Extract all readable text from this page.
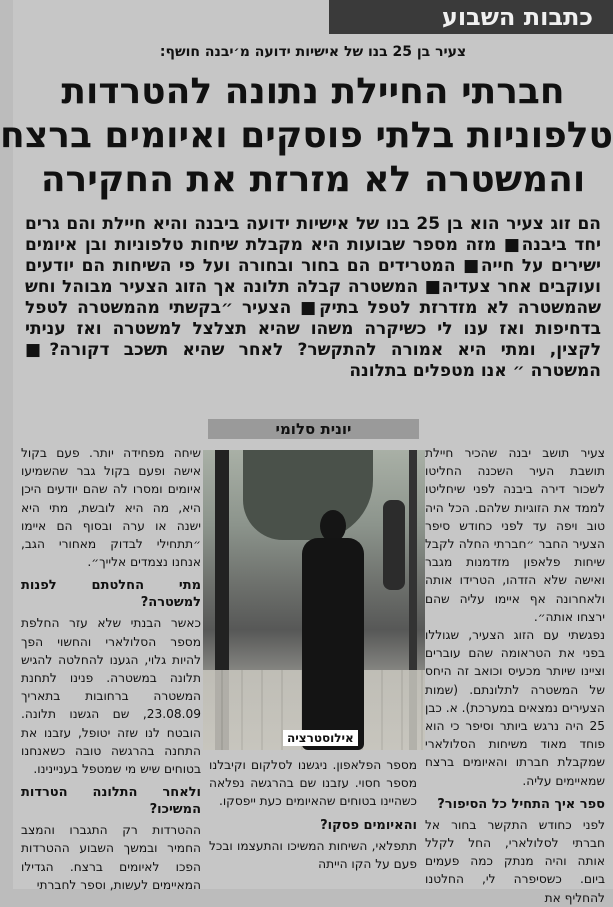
כתבות השבוע
צעיר בן 25 בנו של אישיות ידועה מ׳יבנה חושף:
חברתי החיילת נתונה להטרדות
טלפוניות בלתי פוסקים ואיומים ברצח
והמשטרה לא מזרזת את החקירה
הם זוג צעיר הוא בן 25 בנו של אישיות ידועה ביבנה והיא חיילת והם גרים יחד ביבנה■ מזה מספר שבועות היא מקבלת שיחות טלפוניות ובן איומים ישירים על חייה■ המטרידים הם בחור ובחורה ועל פי השיחות הם יודעים ועוקבים אחר צעדיה■ המשטרה קבלה תלונה אך הזוג הצעיר מבוהל וחש שהמשטרה לא מזדרזת לטפל בתיק■ הצעיר ״בקשתי מהמשטרה לטפל בדחיפות ואז ענו לי כשיקרה משהו שהיא תצלצל למשטרה ואז עניתי לקצין, ומתי היא אמורה להתקשר? לאחר שהיא תשכב דקורה?■ המשטרה ״ אנו מטפלים בתלונה
יונית סלומי

צעיר תושב יבנה שהכיר חיילת תושבת העיר השכנה החליטו לשכור דירה ביבנה לפני שיחליטו לממד את הזוגיות שלהם. הכל היה טוב ויפה עד לפני כחודש סיפר הצעיר החבר ״חברתי החלה לקבל שיחות פלאפון מזדמנות מגבר ואישה שלא הזדהו, הטרידו אותה ולאחרונה אף איימו עליה שהם ירצחו אותה״.

נפגשתי עם הזוג הצעיר, שגוללו בפני את הטראומה שהם עוברים וציינו שיותר מכעיס וכואב זה היחס של המשטרה לתלונתם. (שמות הצעירים נמצאים במערכת). א. כבן 25 היה נרגש ביותר וסיפר כי הוא פוחד מאוד משיחות הסלולארי שמקבלת חברתו והאיומים ברצח שמאיימים עליה.

ספר איך התחיל כל הסיפור?

לפני כחודש התקשר בחור אל חברתי לסלולארי, החל לקלל אותה והיה מנתק כמה פעמים ביום. כשסיפרה לי, החלטנו להחליף את

אילוסטרציה

מספר הפלאפון. ניגשנו לסלקום וקיבלנו מספר חסוי. עזבנו שם בהרגשה נפלאה כשהיינו בטוחים שהאיומים כעת ייפסקו.

והאיומים פסקו?

תתפלאי, השיחות המשיכו והתעצמו ובכל פעם על הקו הייתה

שיחה מפחידה יותר. פעם בקול אישה ופעם בקול גבר שהשמיעו איומים ומסרו לה שהם יודעים היכן היא, מה היא לובשת, מתי היא ישנה או ערה ובסוף הם איימו ״תתחילי לבדוק מאחורי הגב, אנחנו נצמדים אלייך״.

מתי החלטתם לפנות למשטרה?

כאשר הבנתי שלא עזר החלפת מספר הסלולארי והחשוי הפך להיות גלוי, הגענו להחלטה להגיש תלונה במשטרה. פנינו לתחנת המשטרה ברחובות בתאריך 23.08.09, שם הגשנו תלונה. הובטח לנו שזה יטופל, עזבנו את התחנה בהרגשה טובה כשאנחנו בטוחים שיש מי שמטפל בעניינינו.

ולאחר התלונה הטרדות המשיכו?

ההטרדות רק התגברו והמצב החמיר ובמשך השבוע ההטרדות הפכו לאיומים ברצח. הגדילו המאיימים לעשות, וספר לחברתי
